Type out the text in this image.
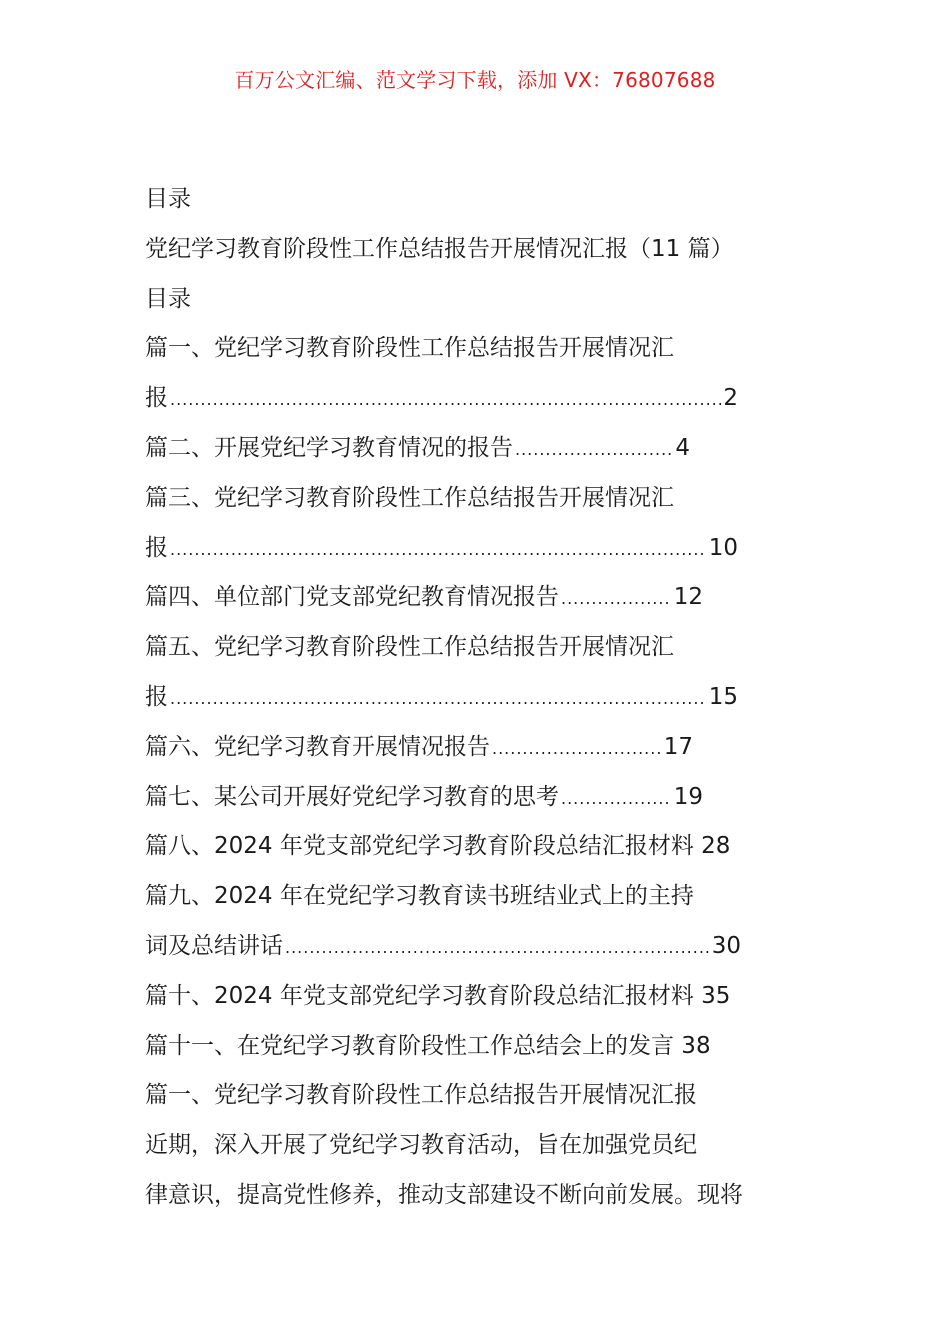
百万公文汇编、范文学习下载，添加 VX：76807688
目录
党纪学习教育阶段性工作总结报告开展情况汇报（11 篇）
目录
篇一、党纪学习教育阶段性工作总结报告开展情况汇
报 .....	2
篇二、开展党纪学习教育情况的报告 .....	4
篇三、党纪学习教育阶段性工作总结报告开展情况汇
报 .....	10
篇四、单位部门党支部党纪教育情况报告 .....	12
篇五、党纪学习教育阶段性工作总结报告开展情况汇
报 .....	15
篇六、党纪学习教育开展情况报告 .....	17
篇七、某公司开展好党纪学习教育的思考 .....	19
篇八、2024 年党支部党纪学习教育阶段总结汇报材料 28
篇九、2024 年在党纪学习教育读书班结业式上的主持
词及总结讲话 .....	30
篇十、2024 年党支部党纪学习教育阶段总结汇报材料 35
篇十一、在党纪学习教育阶段性工作总结会上的发言 38
篇一、党纪学习教育阶段性工作总结报告开展情况汇报
近期，深入开展了党纪学习教育活动，旨在加强党员纪
律意识，提高党性修养，推动支部建设不断向前发展。现将
